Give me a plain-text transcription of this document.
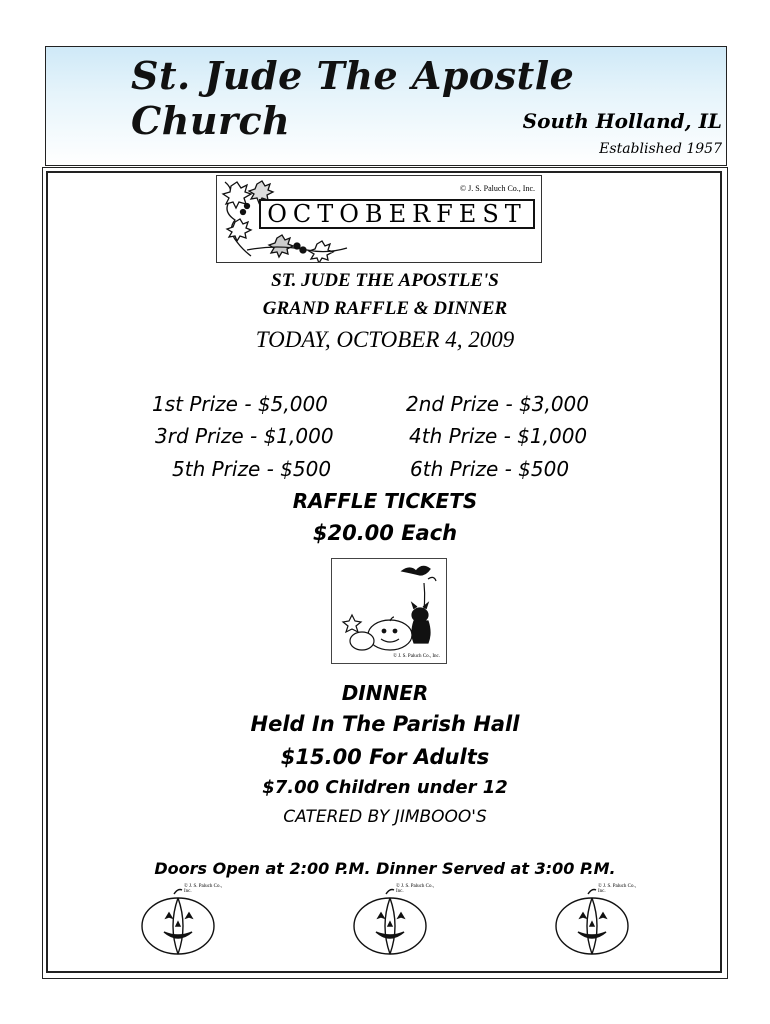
St. Jude The Apostle Church	South Holland, IL
Established 1957
© J. S. Paluch Co., Inc.
OCTOBERFEST
ST. JUDE THE APOSTLE'S
GRAND RAFFLE & DINNER
TODAY, OCTOBER 4, 2009
1st Prize - $5,000	2nd Prize - $3,000
3rd Prize - $1,000	4th Prize - $1,000
5th Prize - $500	6th Prize - $500
RAFFLE TICKETS
$20.00 Each
© J. S. Paluch Co., Inc.
DINNER
Held In The Parish Hall
$15.00 For Adults
$7.00 Children under 12
CATERED BY JIMBOOO'S
Doors Open at 2:00 P.M. Dinner Served at 3:00 P.M.
© J. S. Paluch Co., Inc.
© J. S. Paluch Co., Inc.
© J. S. Paluch Co., Inc.
